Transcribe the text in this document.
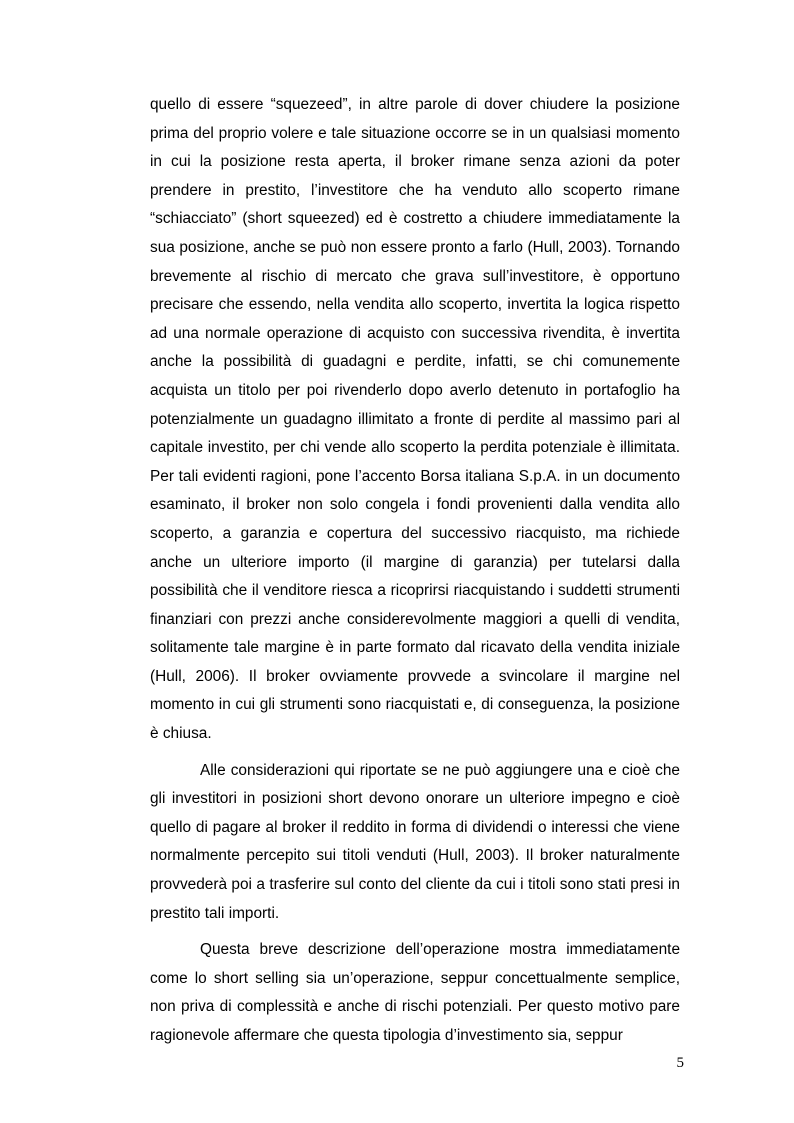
quello di essere “squezeed”, in altre parole di dover chiudere la posizione prima del proprio volere e tale situazione occorre se in un qualsiasi momento in cui la posizione resta aperta, il broker rimane senza azioni da poter prendere in prestito, l’investitore che ha venduto allo scoperto rimane “schiacciato” (short squeezed) ed è costretto a chiudere immediatamente la sua posizione, anche se può non essere pronto a farlo (Hull, 2003). Tornando brevemente al rischio di mercato che grava sull’investitore, è opportuno precisare che essendo, nella vendita allo scoperto, invertita la logica rispetto ad una normale operazione di acquisto con successiva rivendita, è invertita anche la possibilità di guadagni e perdite, infatti, se chi comunemente acquista un titolo per poi rivenderlo dopo averlo detenuto in portafoglio ha potenzialmente un guadagno illimitato a fronte di perdite al massimo pari al capitale investito, per chi vende allo scoperto la perdita potenziale è illimitata. Per tali evidenti ragioni, pone l’accento Borsa italiana S.p.A. in un documento esaminato, il broker non solo congela i fondi provenienti dalla vendita allo scoperto, a garanzia e copertura del successivo riacquisto, ma richiede anche un ulteriore importo (il margine di garanzia) per tutelarsi dalla possibilità che il venditore riesca a ricoprirsi riacquistando i suddetti strumenti finanziari con prezzi anche considerevolmente maggiori a quelli di vendita, solitamente tale margine è in parte formato dal ricavato della vendita iniziale (Hull, 2006). Il broker ovviamente provvede a svincolare il margine nel momento in cui gli strumenti sono riacquistati e, di conseguenza, la posizione è chiusa.

Alle considerazioni qui riportate se ne può aggiungere una e cioè che gli investitori in posizioni short devono onorare un ulteriore impegno e cioè quello di pagare al broker il reddito in forma di dividendi o interessi che viene normalmente percepito sui titoli venduti (Hull, 2003). Il broker naturalmente provvederà poi a trasferire sul conto del cliente da cui i titoli sono stati presi in prestito tali importi.

Questa breve descrizione dell’operazione mostra immediatamente come lo short selling sia un’operazione, seppur concettualmente semplice, non priva di complessità e anche di rischi potenziali. Per questo motivo pare ragionevole affermare che questa tipologia d’investimento sia, seppur

5
